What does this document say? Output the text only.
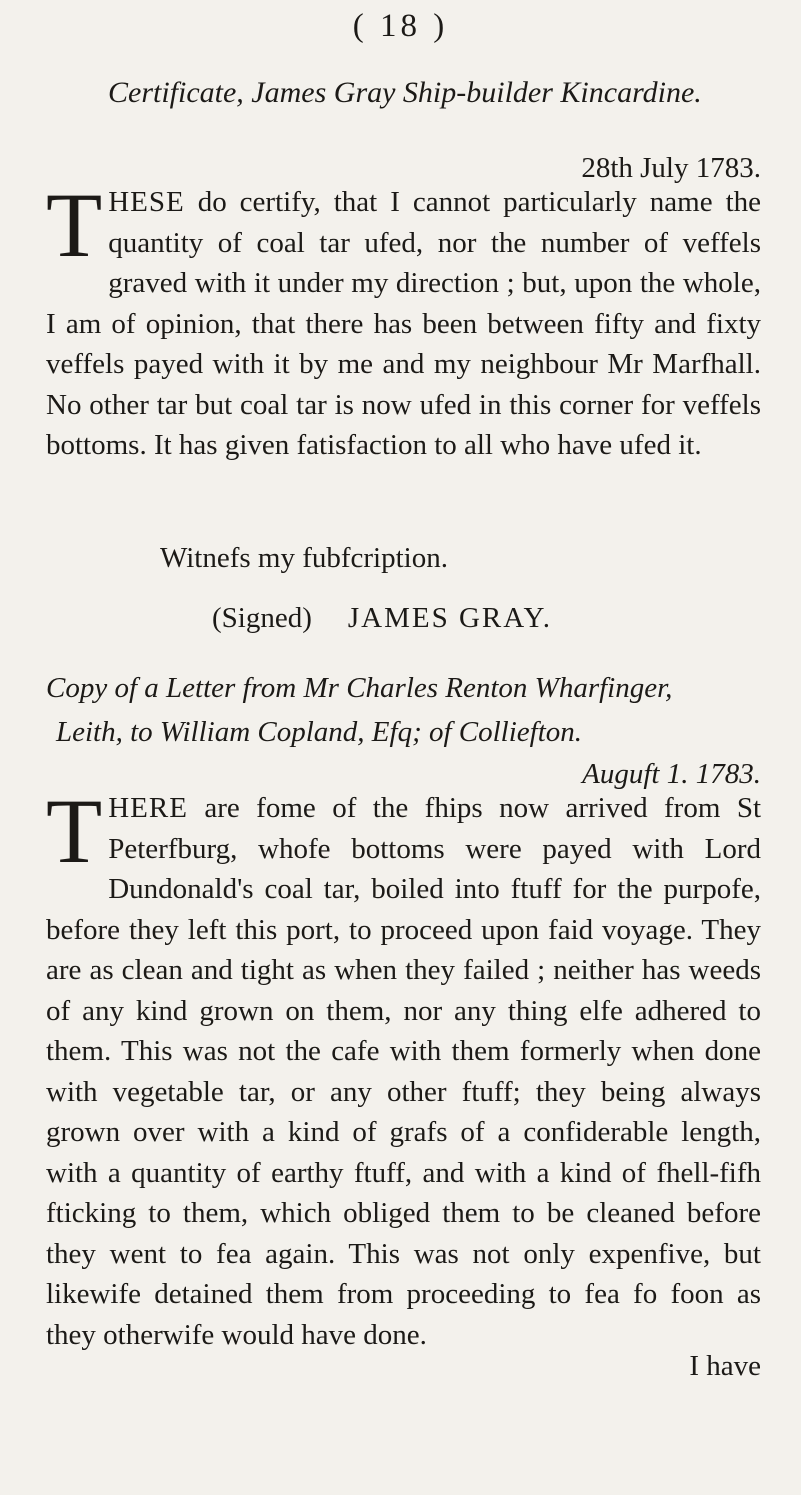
( 18 )
Certificate, James Gray Ship-builder Kincardine.
28th July 1783.
THESE do certify, that I cannot particularly name the quantity of coal tar ufed, nor the number of veffels graved with it under my direction ; but, upon the whole, I am of opinion, that there has been between fifty and fixty veffels payed with it by me and my neighbour Mr Marfhall. No other tar but coal tar is now ufed in this corner for veffels bottoms. It has given fatisfaction to all who have ufed it.
Witnefs my fubfcription.
(Signed) JAMES GRAY.
Copy of a Letter from Mr Charles Renton Wharfinger,
Leith, to William Copland, Efq; of Colliefton.
Auguft 1. 1783.
THERE are fome of the fhips now arrived from St Peterfburg, whofe bottoms were payed with Lord Dundonald's coal tar, boiled into ftuff for the purpofe, before they left this port, to proceed upon faid voyage. They are as clean and tight as when they failed ; neither has weeds of any kind grown on them, nor any thing elfe adhered to them. This was not the cafe with them formerly when done with vegetable tar, or any other ftuff; they being always grown over with a kind of grafs of a confiderable length, with a quantity of earthy ftuff, and with a kind of fhell-fifh fticking to them, which obliged them to be cleaned before they went to fea again. This was not only expenfive, but likewife detained them from proceeding to fea fo foon as they otherwife would have done.
I have
